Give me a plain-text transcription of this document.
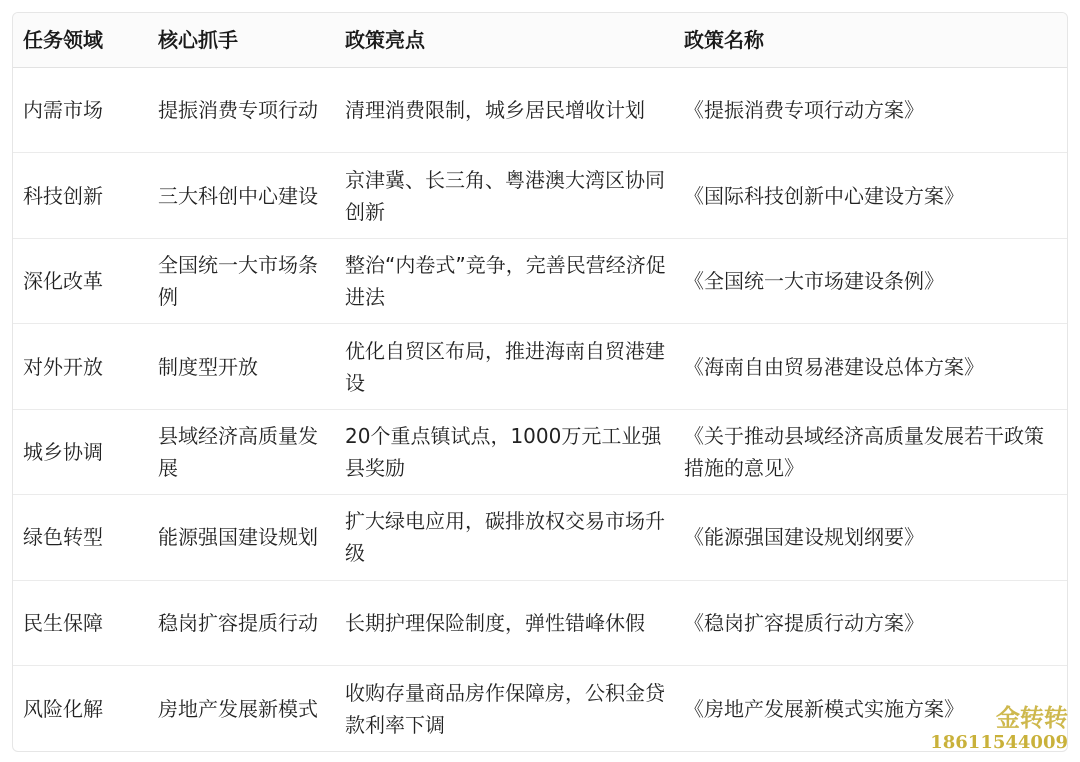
任务领域	核心抓手	政策亮点	政策名称
内需市场	提振消费专项行动	清理消费限制，城乡居民增收计划	《提振消费专项行动方案》
科技创新	三大科创中心建设	京津冀、长三角、粤港澳大湾区协同创新	《国际科技创新中心建设方案》
深化改革	全国统一大市场条例	整治“内卷式”竞争，完善民营经济促进法	《全国统一大市场建设条例》
对外开放	制度型开放	优化自贸区布局，推进海南自贸港建设	《海南自由贸易港建设总体方案》
城乡协调	县域经济高质量发展	20个重点镇试点，1000万元工业强县奖励	《关于推动县域经济高质量发展若干政策措施的意见》
绿色转型	能源强国建设规划	扩大绿电应用，碳排放权交易市场升级	《能源强国建设规划纲要》
民生保障	稳岗扩容提质行动	长期护理保险制度，弹性错峰休假	《稳岗扩容提质行动方案》
风险化解	房地产发展新模式	收购存量商品房作保障房，公积金贷款利率下调	《房地产发展新模式实施方案》	金转转
18611544009
